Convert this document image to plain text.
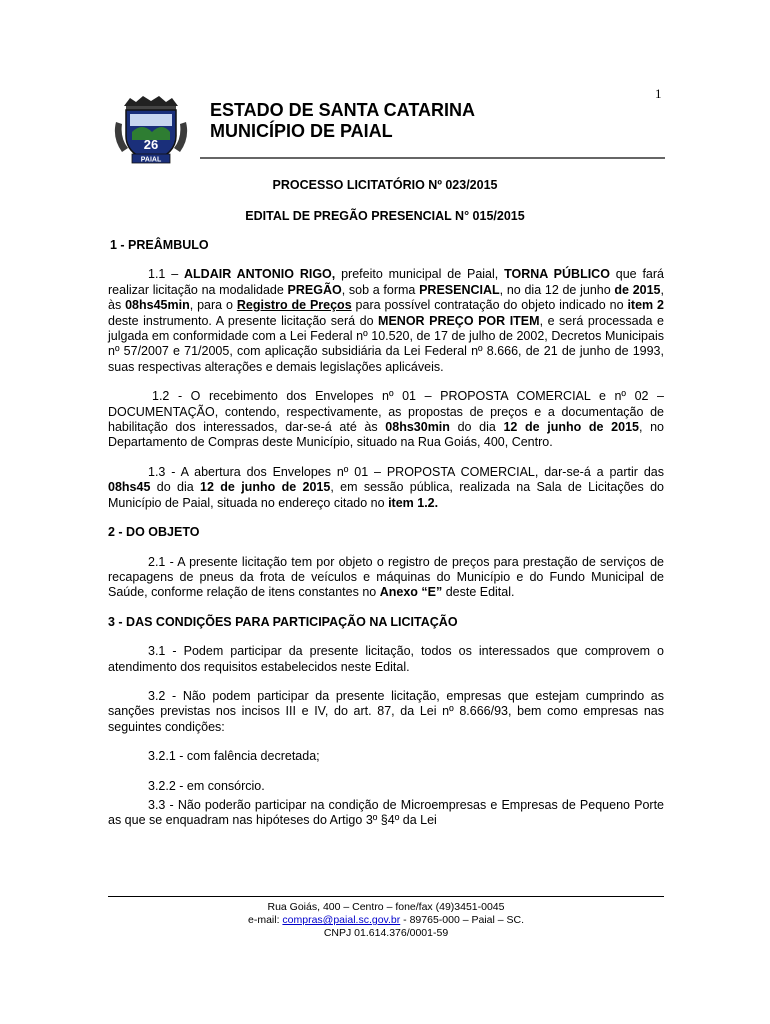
1
26
PAIAL
ESTADO DE SANTA CATARINA
MUNICÍPIO DE PAIAL
PROCESSO LICITATÓRIO Nº 023/2015
EDITAL DE PREGÃO PRESENCIAL N° 015/2015
1 - PREÂMBULO

1.1 – ALDAIR ANTONIO RIGO, prefeito municipal de Paial, TORNA PÚBLICO que fará realizar licitação na modalidade PREGÃO, sob a forma PRESENCIAL, no dia 12 de junho de 2015, às 08hs45min, para o Registro de Preços para possível contratação do objeto indicado no item 2 deste instrumento. A presente licitação será do MENOR PREÇO POR ITEM, e será processada e julgada em conformidade com a Lei Federal nº 10.520, de 17 de julho de 2002, Decretos Municipais nº 57/2007 e 71/2005, com aplicação subsidiária da Lei Federal nº 8.666, de 21 de junho de 1993, suas respectivas alterações e demais legislações aplicáveis.

1.2 - O recebimento dos Envelopes nº 01 – PROPOSTA COMERCIAL e nº 02 – DOCUMENTAÇÃO, contendo, respectivamente, as propostas de preços e a documentação de habilitação dos interessados, dar-se-á até às 08hs30min do dia 12 de junho de 2015, no Departamento de Compras deste Município, situado na Rua Goiás, 400, Centro.

1.3 - A abertura dos Envelopes nº 01 – PROPOSTA COMERCIAL, dar-se-á a partir das 08hs45 do dia 12 de junho de 2015, em sessão pública, realizada na Sala de Licitações do Município de Paial, situada no endereço citado no item 1.2.

2 - DO OBJETO

2.1 - A presente licitação tem por objeto o registro de preços para prestação de serviços de recapagens de pneus da frota de veículos e máquinas do Município e do Fundo Municipal de Saúde, conforme relação de itens constantes no Anexo “E” deste Edital.

3 - DAS CONDIÇÕES PARA PARTICIPAÇÃO NA LICITAÇÃO

3.1 - Podem participar da presente licitação, todos os interessados que comprovem o atendimento dos requisitos estabelecidos neste Edital.

3.2 - Não podem participar da presente licitação, empresas que estejam cumprindo as sanções previstas nos incisos III e IV, do art. 87, da Lei nº 8.666/93, bem como empresas nas seguintes condições:

3.2.1 - com falência decretada;

3.2.2 - em consórcio.

3.3 - Não poderão participar na condição de Microempresas e Empresas de Pequeno Porte as que se enquadram nas hipóteses do Artigo 3º §4º da Lei

Rua Goiás, 400 – Centro – fone/fax (49)3451-0045
e-mail: compras@paial.sc.gov.br - 89765-000 – Paial – SC.
CNPJ 01.614.376/0001-59
